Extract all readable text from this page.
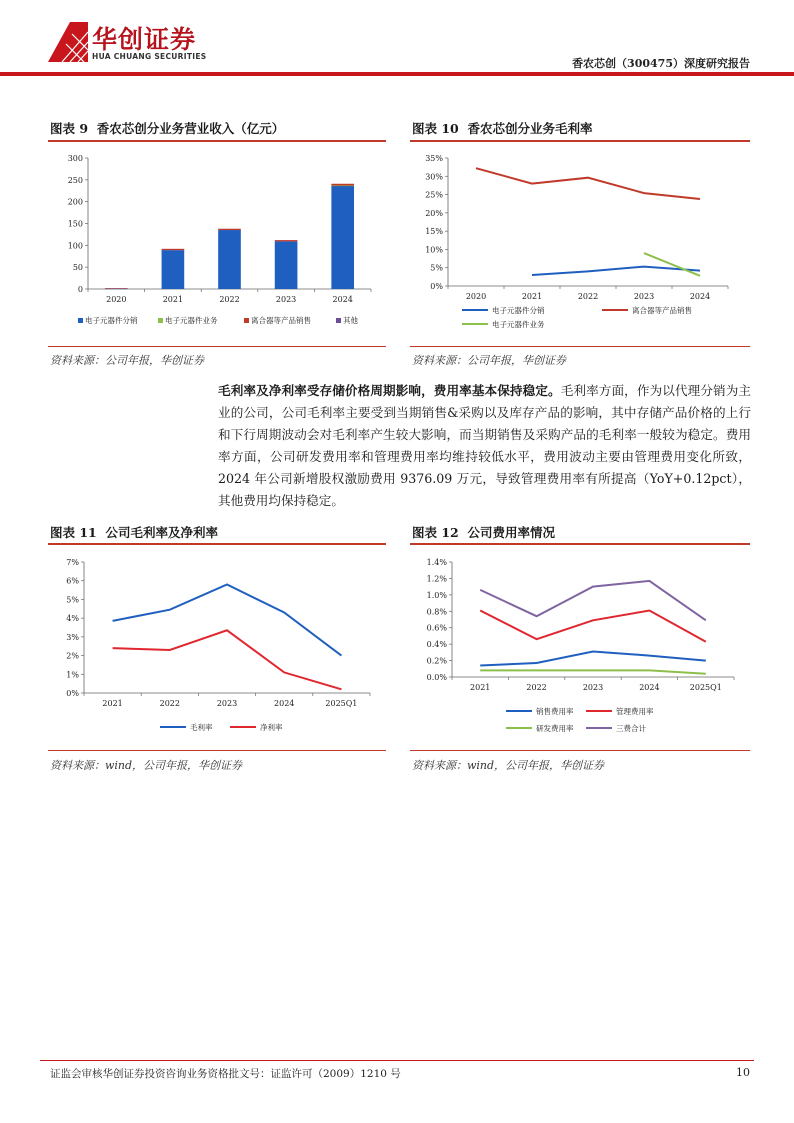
华创证券
HUA CHUANG SECURITIES
香农芯创（300475）深度研究报告
图表 9 香农芯创分业务营业收入（亿元）
0
50
100
150
200
250
300
2020	2021	2022	2023	2024
电子元器件分销	电子元器件业务	离合器等产品销售	其他
资料来源：公司年报，华创证券
图表 10 香农芯创分业务毛利率
0%
5%
10%
15%
20%
25%
30%
35%
2020	2021	2022	2023	2024
电子元器件分销	离合器等产品销售
电子元器件业务
资料来源：公司年报，华创证券
毛利率及净利率受存储价格周期影响，费用率基本保持稳定。毛利率方面，作为以代理分销为主业的公司，公司毛利率主要受到当期销售&采购以及库存产品的影响，其中存储产品价格的上行和下行周期波动会对毛利率产生较大影响，而当期销售及采购产品的毛利率一般较为稳定。费用率方面，公司研发费用率和管理费用率均维持较低水平，费用波动主要由管理费用变化所致，2024 年公司新增股权激励费用 9376.09 万元，导致管理费用率有所提高（YoY+0.12pct），其他费用均保持稳定。
图表 11 公司毛利率及净利率
0%
1%
2%
3%
4%
5%
6%
7%
2021	2022	2023	2024	2025Q1
毛利率	净利率
资料来源：wind，公司年报，华创证券
图表 12 公司费用率情况
0.0%
0.2%
0.4%
0.6%
0.8%
1.0%
1.2%
1.4%
2021	2022	2023	2024	2025Q1
销售费用率	管理费用率
研发费用率	三费合计
资料来源：wind，公司年报，华创证券
证监会审核华创证券投资咨询业务资格批文号：证监许可（2009）1210 号	10
